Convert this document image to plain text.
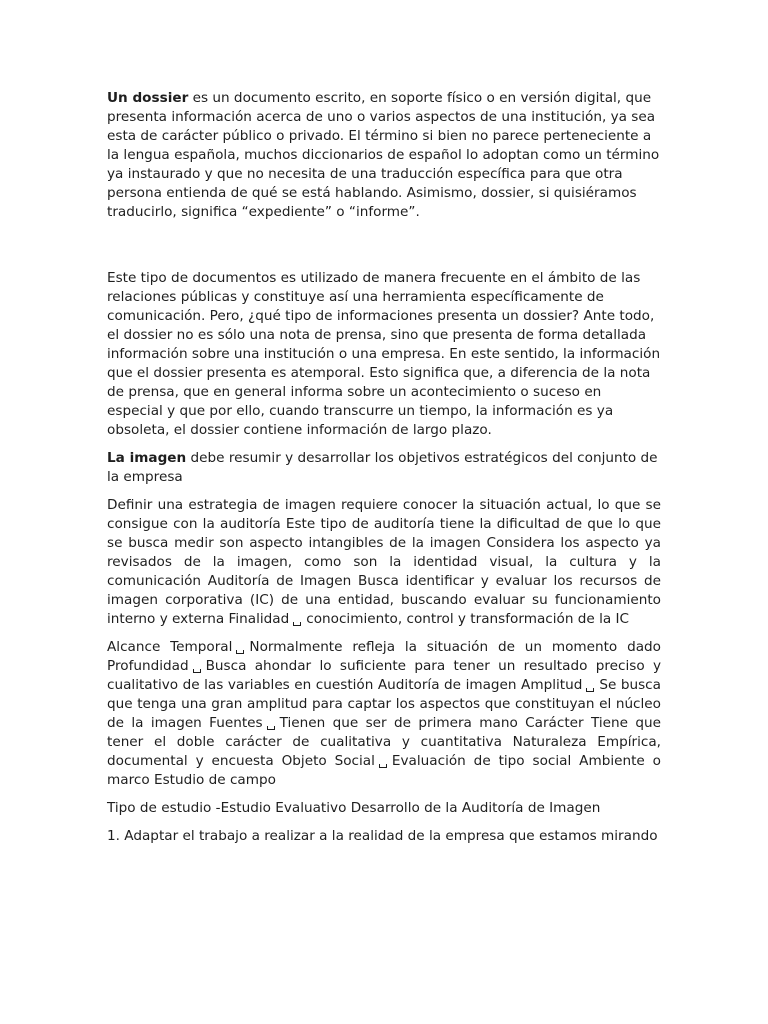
Un dossier es un documento escrito, en soporte físico o en versión digital, que presenta información acerca de uno o varios aspectos de una institución, ya sea esta de carácter público o privado. El término si bien no parece perteneciente a la lengua española, muchos diccionarios de español lo adoptan como un término ya instaurado y que no necesita de una traducción específica para que otra persona entienda de qué se está hablando. Asimismo, dossier, si quisiéramos traducirlo, significa “expediente” o “informe”.

Este tipo de documentos es utilizado de manera frecuente en el ámbito de las relaciones públicas y constituye así una herramienta específicamente de comunicación. Pero, ¿qué tipo de informaciones presenta un dossier? Ante todo, el dossier no es sólo una nota de prensa, sino que presenta de forma detallada información sobre una institución o una empresa. En este sentido, la información que el dossier presenta es atemporal. Esto significa que, a diferencia de la nota de prensa, que en general informa sobre un acontecimiento o suceso en especial y que por ello, cuando transcurre un tiempo, la información es ya obsoleta, el dossier contiene información de largo plazo.

La imagen debe resumir y desarrollar los objetivos estratégicos del conjunto de la empresa

Definir una estrategia de imagen requiere conocer la situación actual, lo que se consigue con la auditoría Este tipo de auditoría tiene la dificultad de que lo que se busca medir son aspecto intangibles de la imagen Considera los aspecto ya revisados de la imagen, como son la identidad visual, la cultura y la comunicación Auditoría de Imagen Busca identificar y evaluar los recursos de imagen corporativa (IC) de una entidad, buscando evaluar su funcionamiento interno y externa Finalidad conocimiento, control y transformación de la IC

Alcance Temporal Normalmente refleja la situación de un momento dado Profundidad Busca ahondar lo suficiente para tener un resultado preciso y cualitativo de las variables en cuestión Auditoría de imagen Amplitud Se busca que tenga una gran amplitud para captar los aspectos que constituyan el núcleo de la imagen Fuentes Tienen que ser de primera mano Carácter Tiene que tener el doble carácter de cualitativa y cuantitativa Naturaleza Empírica, documental y encuesta Objeto Social Evaluación de tipo social Ambiente o marco Estudio de campo

Tipo de estudio -Estudio Evaluativo Desarrollo de la Auditoría de Imagen

1. Adaptar el trabajo a realizar a la realidad de la empresa que estamos mirando
